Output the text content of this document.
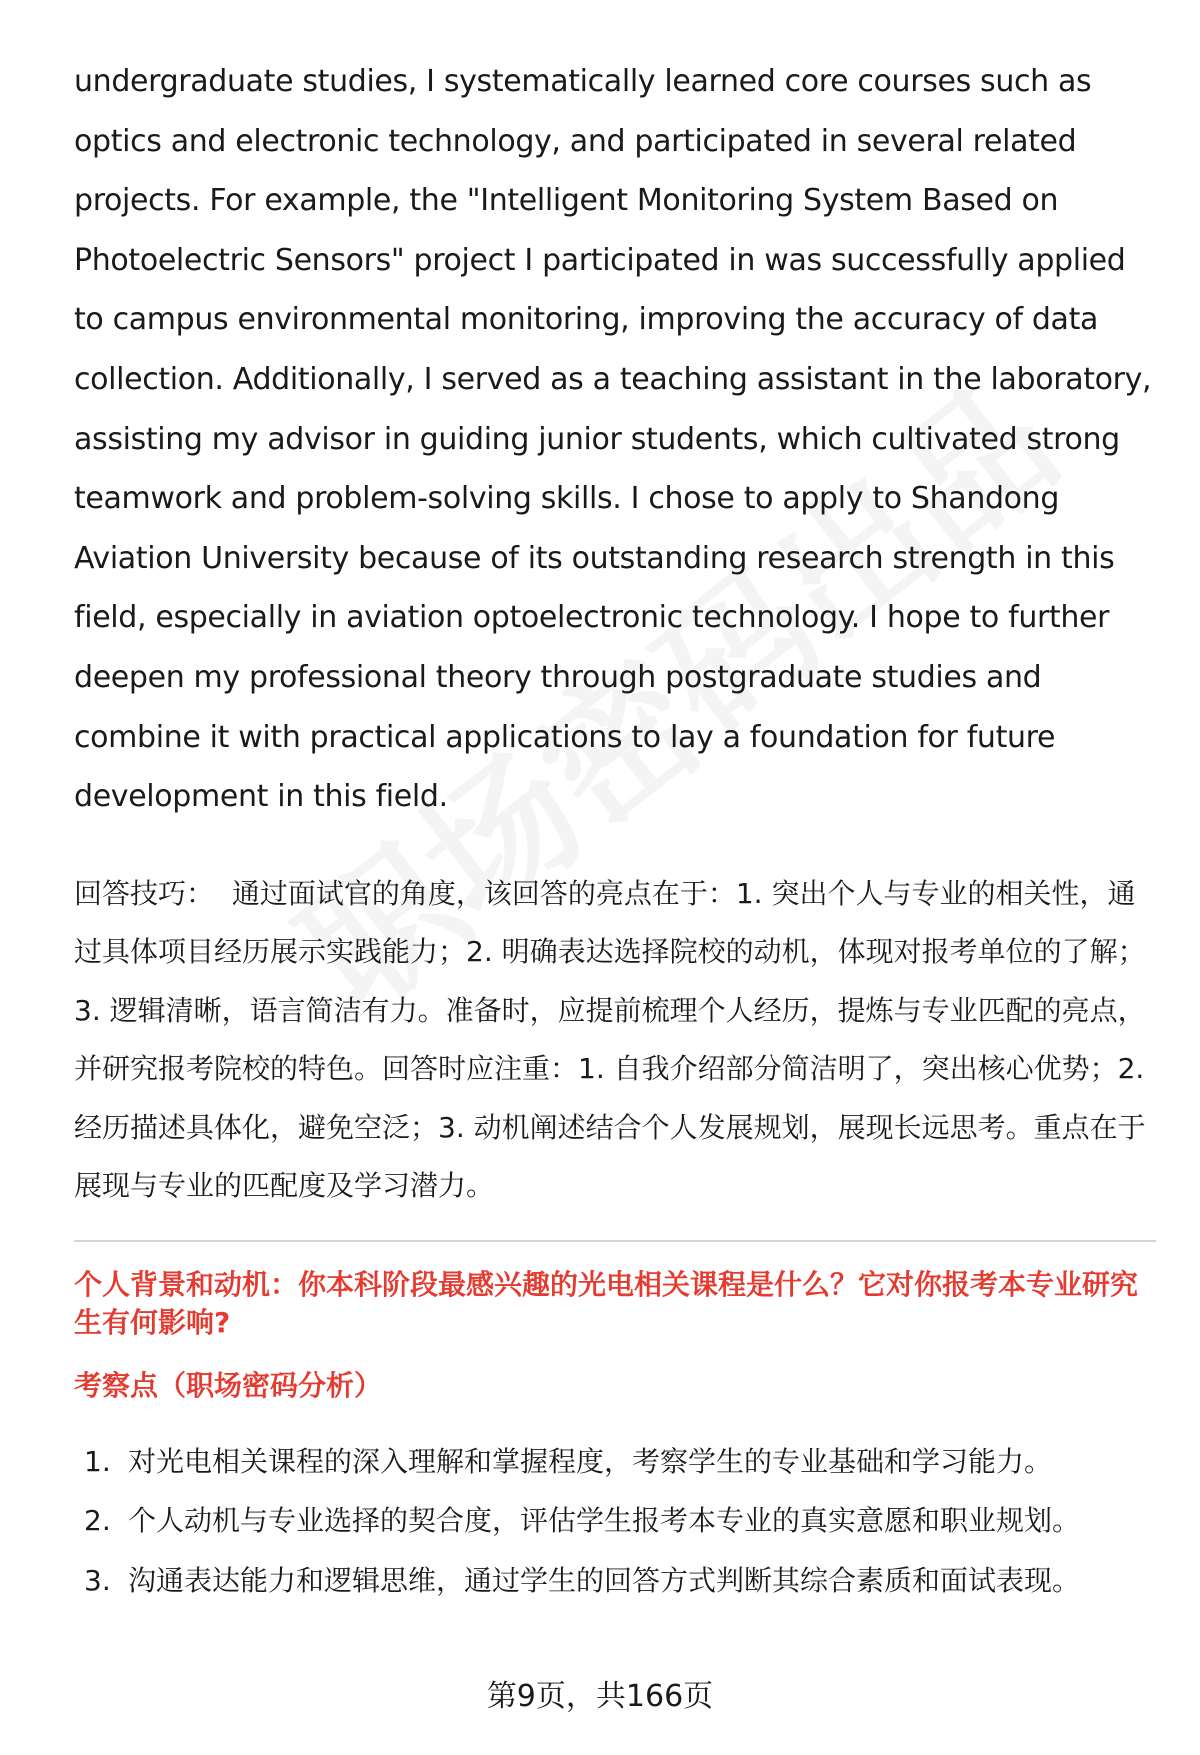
undergraduate studies, I systematically learned core courses such as optics and electronic technology, and participated in several related projects. For example, the "Intelligent Monitoring System Based on Photoelectric Sensors" project I participated in was successfully applied to campus environmental monitoring, improving the accuracy of data collection. Additionally, I served as a teaching assistant in the laboratory, assisting my advisor in guiding junior students, which cultivated strong teamwork and problem-solving skills. I chose to apply to Shandong Aviation University because of its outstanding research strength in this field, especially in aviation optoelectronic technology. I hope to further deepen my professional theory through postgraduate studies and combine it with practical applications to lay a foundation for future development in this field.

回答技巧： 通过面试官的角度，该回答的亮点在于：1. 突出个人与专业的相关性，通过具体项目经历展示实践能力；2. 明确表达选择院校的动机，体现对报考单位的了解；3. 逻辑清晰，语言简洁有力。准备时，应提前梳理个人经历，提炼与专业匹配的亮点，并研究报考院校的特色。回答时应注重：1. 自我介绍部分简洁明了，突出核心优势；2. 经历描述具体化，避免空泛；3. 动机阐述结合个人发展规划，展现长远思考。重点在于展现与专业的匹配度及学习潜力。

个人背景和动机：你本科阶段最感兴趣的光电相关课程是什么？它对你报考本专业研究生有何影响?

考察点（职场密码分析）

1. 对光电相关课程的深入理解和掌握程度，考察学生的专业基础和学习能力。
2. 个人动机与专业选择的契合度，评估学生报考本专业的真实意愿和职业规划。
3. 沟通表达能力和逻辑思维，通过学生的回答方式判断其综合素质和面试表现。
第9页，共166页
